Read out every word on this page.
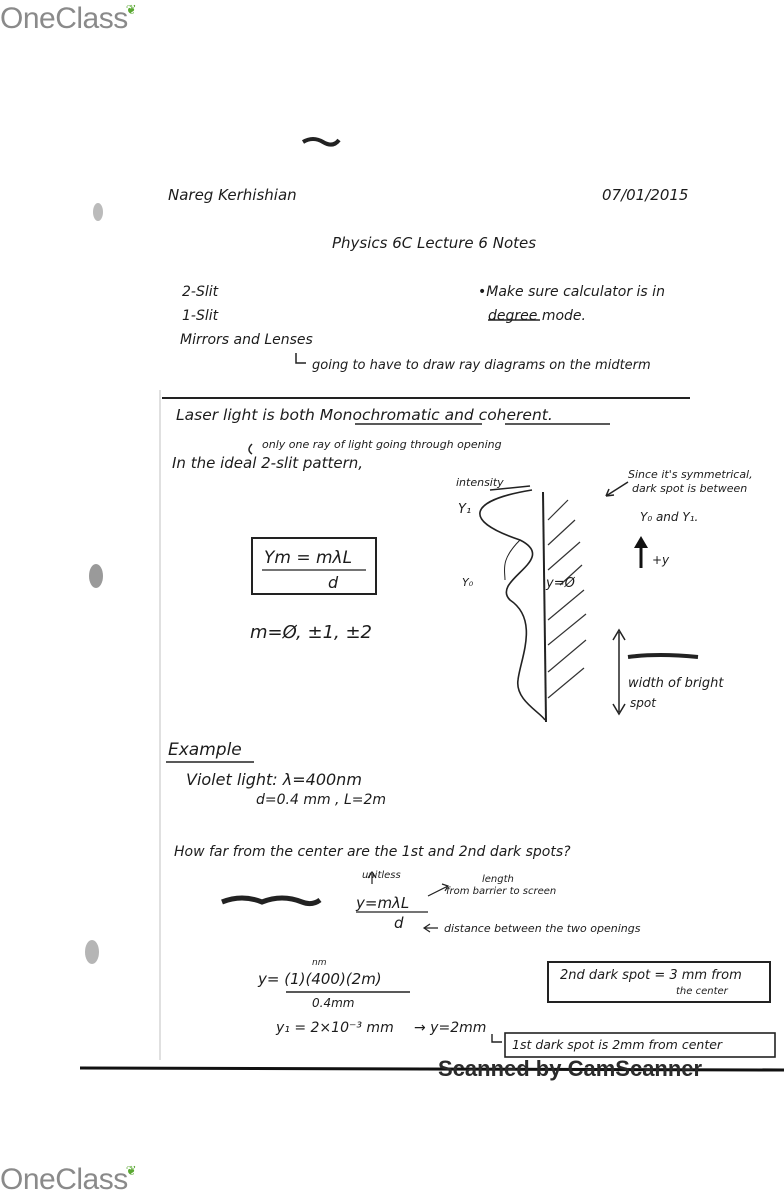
OneClass❦
OneClass❦
Nareg Kerhishian	07/01/2015
Physics 6C Lecture 6 Notes
2-Slit
1-Slit
Mirrors and Lenses
going to have to draw ray diagrams on the midterm
•Make sure calculator is in
degree mode.
Laser light is both Monochromatic and coherent.
only one ray of light going through opening
In the ideal 2-slit pattern,
Ym = mλL
d
m=Ø, ±1, ±2
intensity
Y₁
Y₀	y=Ø
Since it's symmetrical,
dark spot is between
Y₀ and Y₁.
+y
width of bright
spot
Example
Violet light: λ=400nm
d=0.4 mm , L=2m
How far from the center are the 1st and 2nd dark spots?
unitless
y=mλL
d
length
from barrier to screen
distance between the two openings
nm
y= (1)(400)(2m)
0.4mm
y₁ = 2×10⁻³ mm → y=2mm
1st dark spot is 2mm from center
2nd dark spot = 3 mm from
the center
Scanned by CamScanner
